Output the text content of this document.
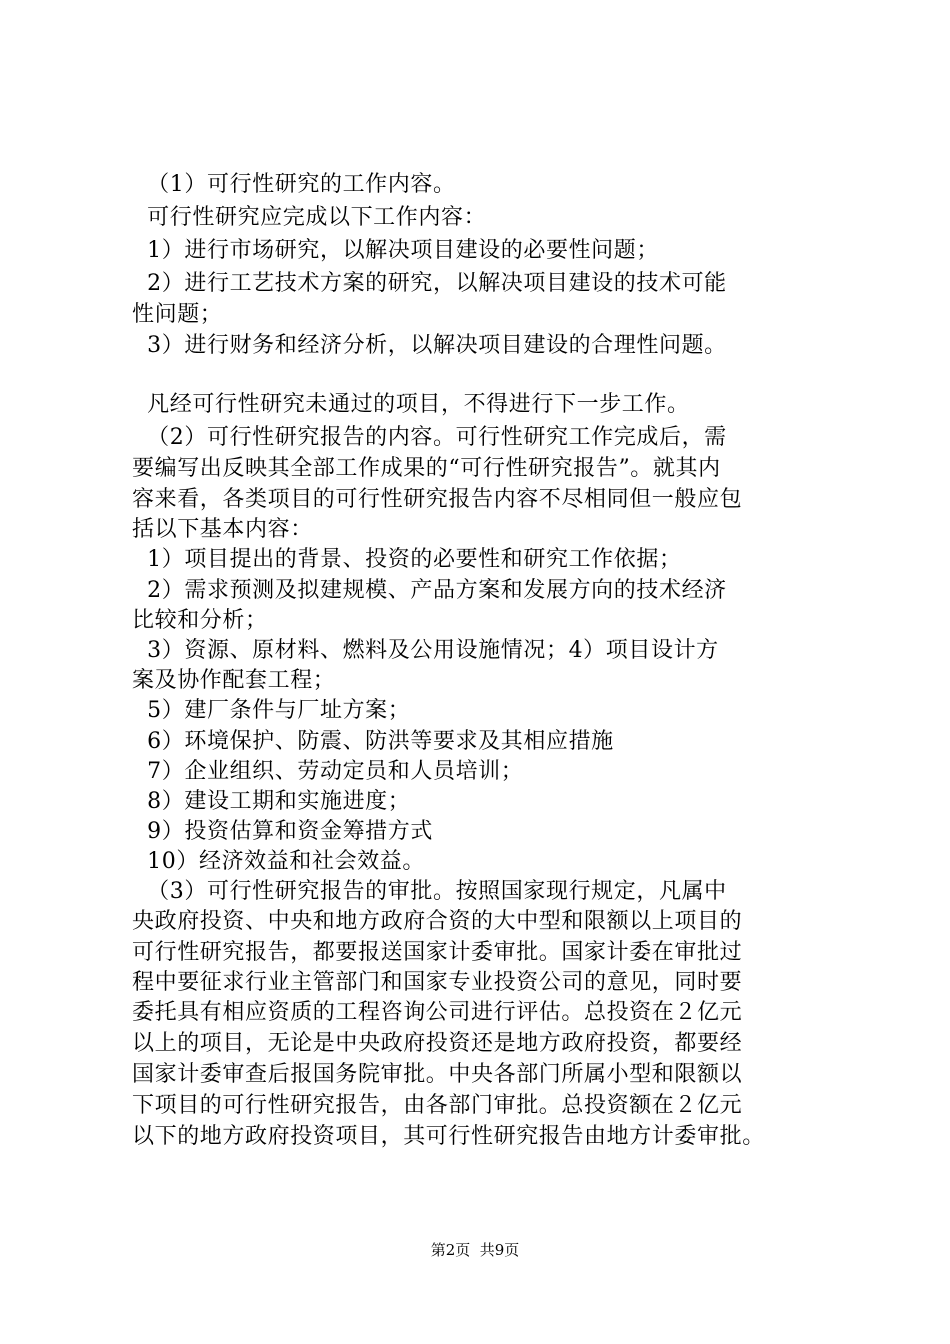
（1）可行性研究的工作内容。
可行性研究应完成以下工作内容：
1）进行市场研究，以解决项目建设的必要性问题；
2）进行工艺技术方案的研究，以解决项目建设的技术可能
性问题；
3）进行财务和经济分析，以解决项目建设的合理性问题。
凡经可行性研究未通过的项目，不得进行下一步工作。
（2）可行性研究报告的内容。可行性研究工作完成后，需
要编写出反映其全部工作成果的“可行性研究报告”。就其内
容来看，各类项目的可行性研究报告内容不尽相同但一般应包
括以下基本内容：
1）项目提出的背景、投资的必要性和研究工作依据；
2）需求预测及拟建规模、产品方案和发展方向的技术经济
比较和分析；
3）资源、原材料、燃料及公用设施情况；4）项目设计方
案及协作配套工程；
5）建厂条件与厂址方案；
6）环境保护、防震、防洪等要求及其相应措施
7）企业组织、劳动定员和人员培训；
8）建设工期和实施进度；
9）投资估算和资金筹措方式
10）经济效益和社会效益。
（3）可行性研究报告的审批。按照国家现行规定，凡属中
央政府投资、中央和地方政府合资的大中型和限额以上项目的
可行性研究报告，都要报送国家计委审批。国家计委在审批过
程中要征求行业主管部门和国家专业投资公司的意见，同时要
委托具有相应资质的工程咨询公司进行评估。总投资在２亿元
以上的项目，无论是中央政府投资还是地方政府投资，都要经
国家计委审查后报国务院审批。中央各部门所属小型和限额以
下项目的可行性研究报告，由各部门审批。总投资额在２亿元
以下的地方政府投资项目，其可行性研究报告由地方计委审批。
第2页  共9页
